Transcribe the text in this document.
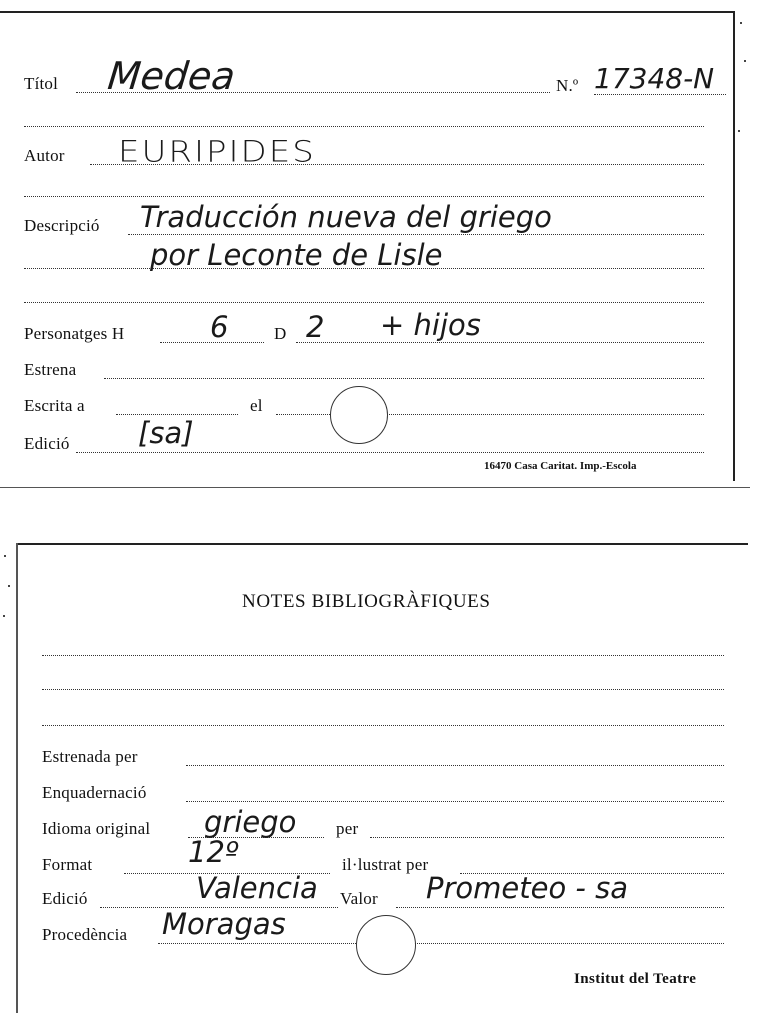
Títol Medea	N.º 17348-N
Autor EURIPIDES
Descripció Traducción nueva del griego
por Leconte de Lisle
Personatges H	6	D 2 + hijos
Estrena
Escrita a	el
Edició [sa]
16470 Casa Caritat. Imp.-Escola
NOTES BIBLIOGRÀFIQUES
Estrenada per
Enquadernació
Idioma original griego per
Format	12º	il·lustrat per
Edició	Valencia Valor Prometeo - sa
Procedència Moragas
Institut del Teatre
